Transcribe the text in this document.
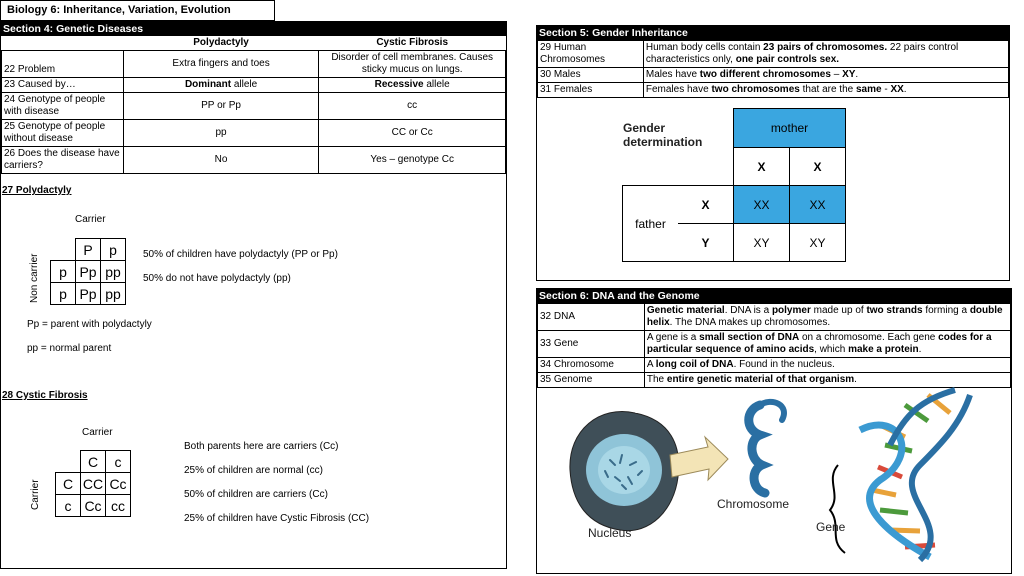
Biology 6: Inheritance, Variation, Evolution
Section 4: Genetic Diseases
	Polydactyly	Cystic Fibrosis
22 Problem	Extra fingers and toes	Disorder of cell membranes. Causes sticky mucus on lungs.
23 Caused by…	Dominant allele	Recessive allele
24 Genotype of people with disease	PP or Pp	cc
25 Genotype of people without disease	pp	CC or Cc
26 Does the disease have carriers?	No	Yes – genotype Cc
27 Polydactyly
Carrier
Non carrier
	P	p
p	Pp	pp
p	Pp	pp
50% of children have polydactyly (PP or Pp)
50% do not have polydactyly (pp)
Pp = parent with polydactyly
pp = normal parent
28 Cystic Fibrosis
Carrier
Carrier
	C	c
C	CC	Cc
c	Cc	cc
Both parents here are carriers (Cc)
25% of children are normal (cc)
50% of children are carriers (Cc)
25% of children have Cystic Fibrosis (CC)
Section 5: Gender Inheritance
29 Human Chromosomes	Human body cells contain 23 pairs of chromosomes. 22 pairs control characteristics only, one pair controls sex.
30 Males	Males have two different chromosomes – XY.
31 Females	Females have two chromosomes that are the same - XX.
Gender determination
		mother	
		X	X
father	X	XX	XX
	Y	XY	XY
Section 6: DNA and the Genome
32 DNA	Genetic material. DNA is a polymer made up of two strands forming a double helix. The DNA makes up chromosomes.
33 Gene	A gene is a small section of DNA on a chromosome. Each gene codes for a particular sequence of amino acids, which make a protein.
34 Chromosome	A long coil of DNA. Found in the nucleus.
35 Genome	The entire genetic material of that organism.
Nucleus
Chromosome
Gene
